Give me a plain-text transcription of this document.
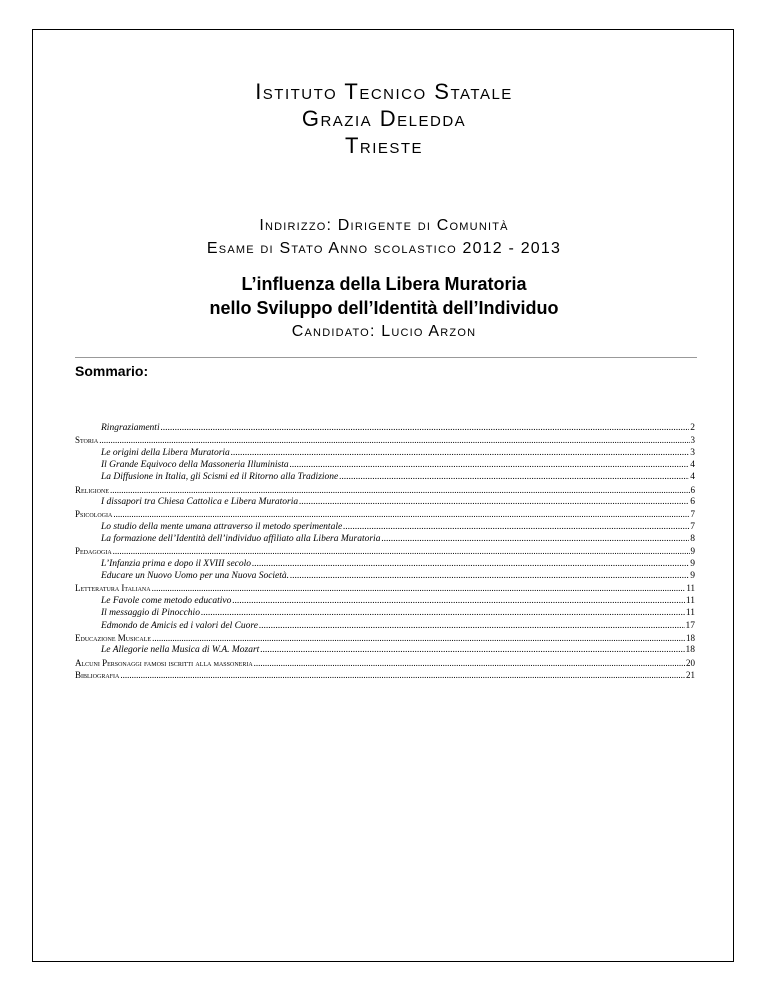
Istituto Tecnico Statale

Grazia Deledda

Trieste

Indirizzo: Dirigente di Comunità

Esame di Stato Anno scolastico 2012 - 2013

L’influenza della Libera Muratoria

nello Sviluppo dell’Identità dell’Individuo

Candidato: Lucio Arzon

Sommario:

Ringraziamenti .....	2
Storia .....	3
Le origini della Libera Muratoria .....	3
Il Grande Equivoco della Massoneria Illuminista .....	4
La Diffusione in Italia, gli Scismi ed il Ritorno alla Tradizione .....	4
Religione .....	6
I dissapori tra Chiesa Cattolica e Libera Muratoria .....	6
Psicologia .....	7
Lo studio della mente umana attraverso il metodo sperimentale .....	7
La formazione dell’Identità dell’individuo affiliato alla Libera Muratoria .....	8
Pedagogia .....	9
L’Infanzia prima e dopo il XVIII secolo .....	9
Educare un Nuovo Uomo per una Nuova Società. .....	9
Letteratura Italiana .....	11
Le Favole come metodo educativo .....	11
Il messaggio di Pinocchio .....	11
Edmondo de Amicis ed i valori del Cuore .....	17
Educazione Musicale .....	18
Le Allegorie nella Musica di W.A. Mozart .....	18
Alcuni Personaggi famosi iscritti alla massoneria .....	20
Bibliografia .....	21
